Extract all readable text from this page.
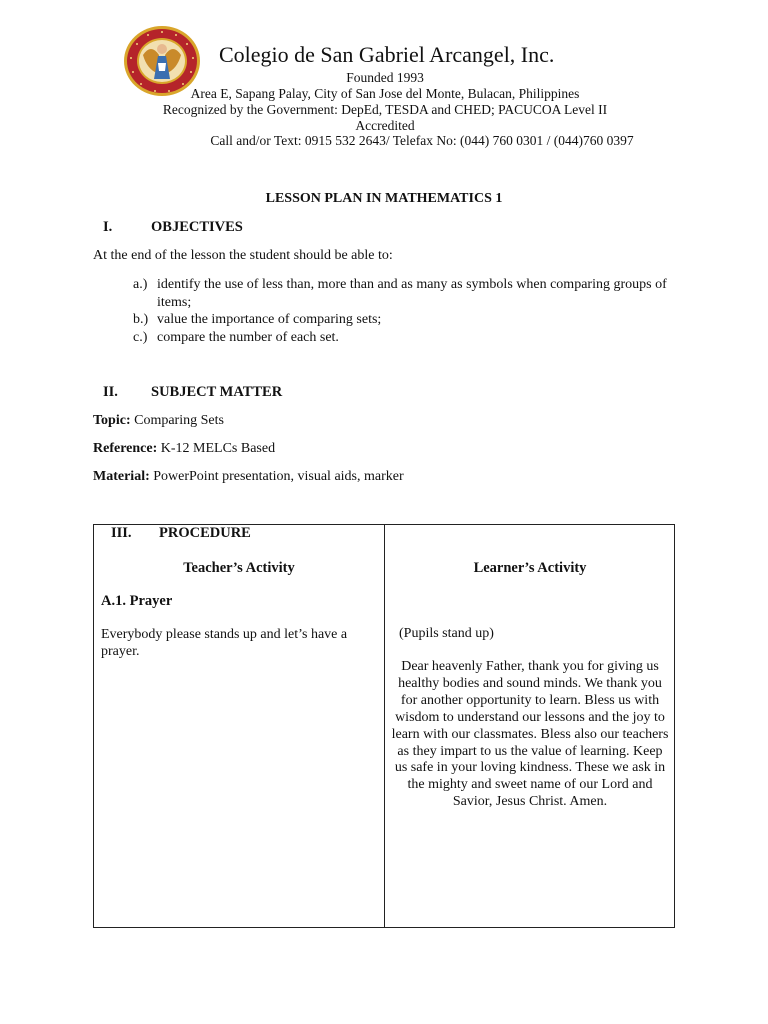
Colegio de San Gabriel Arcangel, Inc.
Founded 1993
Area E, Sapang Palay, City of San Jose del Monte, Bulacan, Philippines
Recognized by the Government: DepEd, TESDA and CHED; PACUCOA Level II
Accredited
Call and/or Text: 0915 532 2643/ Telefax No: (044) 760 0301 / (044)760 0397
LESSON PLAN IN MATHEMATICS 1
I.	OBJECTIVES
At the end of the lesson the student should be able to:
a.) identify the use of less than, more than and as many as symbols when comparing groups of items;
b.) value the importance of comparing sets;
c.) compare the number of each set.
II. SUBJECT MATTER
Topic: Comparing Sets
Reference: K-12 MELCs Based
Material: PowerPoint presentation, visual aids, marker
III. PROCEDURE
Teacher’s Activity	Learner’s Activity
A.1. Prayer
Everybody please stands up and let’s have a prayer.
(Pupils stand up)
Dear heavenly Father, thank you for giving us healthy bodies and sound minds. We thank you for another opportunity to learn. Bless us with wisdom to understand our lessons and the joy to learn with our classmates. Bless also our teachers as they impart to us the value of learning. Keep us safe in your loving kindness. These we ask in the mighty and sweet name of our Lord and Savior, Jesus Christ. Amen.
